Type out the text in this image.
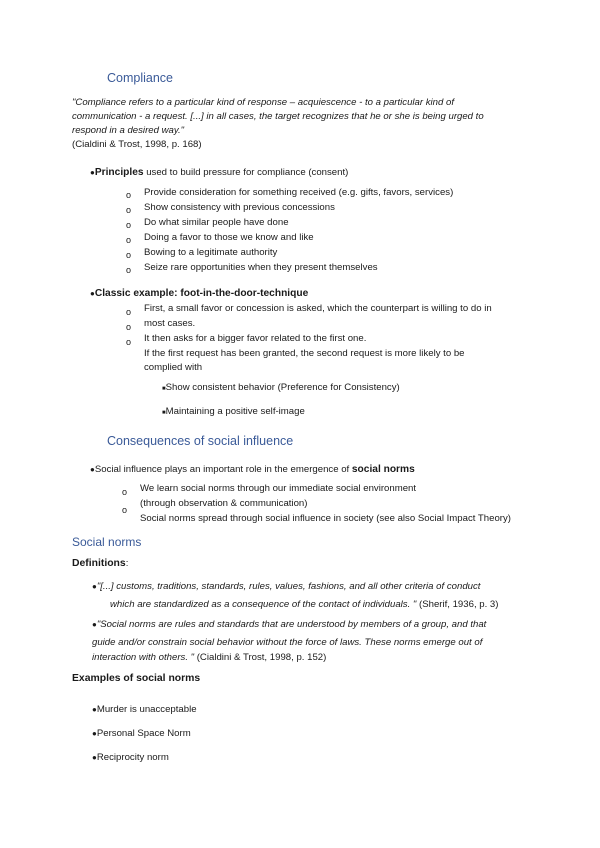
Compliance
"Compliance refers to a particular kind of response – acquiescence - to a particular kind of
communication - a request. [...] in all cases, the target recognizes that he or she is being urged to
respond in a desired way."
(Cialdini & Trost, 1998, p. 168)
●Principles used to build pressure for compliance (consent)
o Provide consideration for something received (e.g. gifts, favors, services)
o Show consistency with previous concessions
o Do what similar people have done
o Doing a favor to those we know and like
o Bowing to a legitimate authority
o Seize rare opportunities when they present themselves
●Classic example: foot-in-the-door-technique
o
o
o
First, a small favor or concession is asked, which the counterpart is willing to do in
most cases.
It then asks for a bigger favor related to the first one.
If the first request has been granted, the second request is more likely to be
complied with
■Show consistent behavior (Preference for Consistency)
■Maintaining a positive self-image
Consequences of social influence
●Social influence plays an important role in the emergence of social norms
o
o
We learn social norms through our immediate social environment
(through observation & communication)
Social norms spread through social influence in society (see also Social Impact Theory)
Social norms
Definitions:
●"[...] customs, traditions, standards, rules, values, fashions, and all other criteria of conduct
which are standardized as a consequence of the contact of individuals. " (Sherif, 1936, p. 3)
●"Social norms are rules and standards that are understood by members of a group, and that
guide and/or constrain social behavior without the force of laws. These norms emerge out of
interaction with others. " (Cialdini & Trost, 1998, p. 152)
Examples of social norms
●Murder is unacceptable
●Personal Space Norm
●Reciprocity norm
